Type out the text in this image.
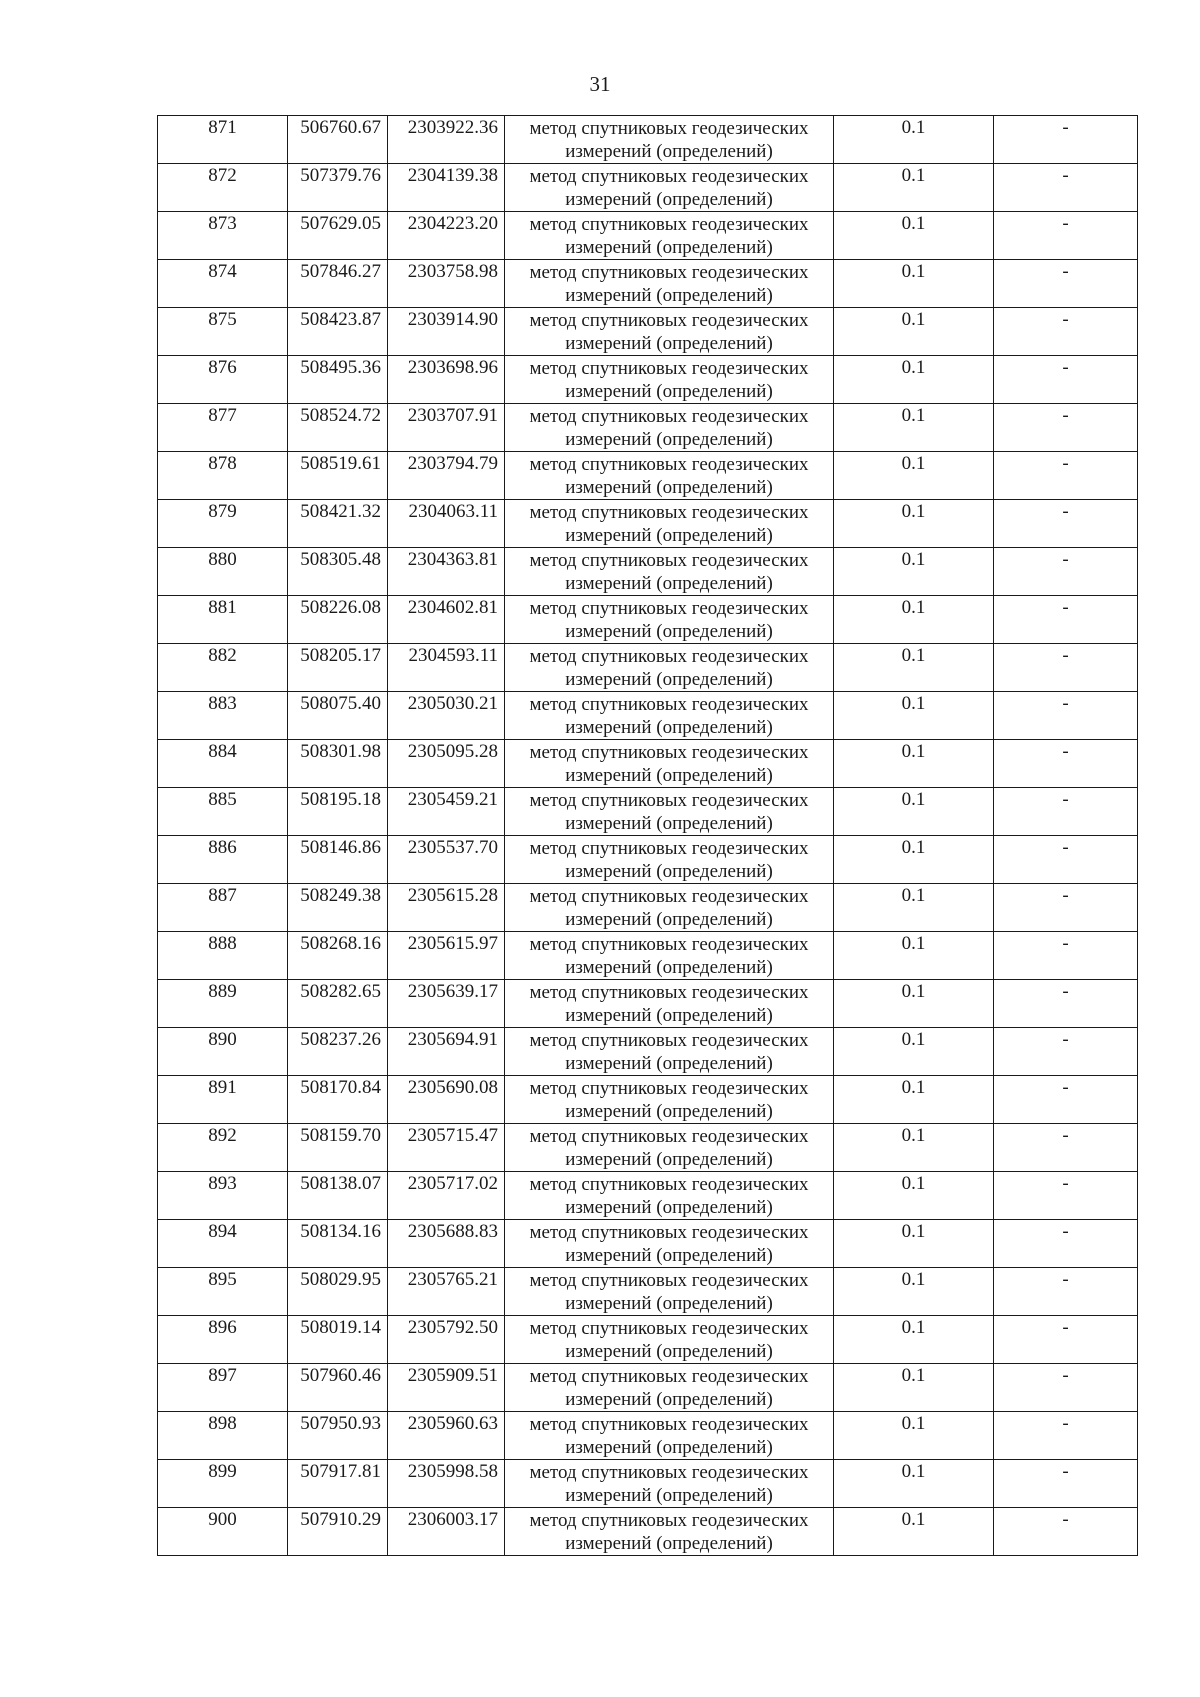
31
871	506760.67	2303922.36	метод спутниковых геодезических
измерений (определений)	0.1	-
872	507379.76	2304139.38	метод спутниковых геодезических
измерений (определений)	0.1	-
873	507629.05	2304223.20	метод спутниковых геодезических
измерений (определений)	0.1	-
874	507846.27	2303758.98	метод спутниковых геодезических
измерений (определений)	0.1	-
875	508423.87	2303914.90	метод спутниковых геодезических
измерений (определений)	0.1	-
876	508495.36	2303698.96	метод спутниковых геодезических
измерений (определений)	0.1	-
877	508524.72	2303707.91	метод спутниковых геодезических
измерений (определений)	0.1	-
878	508519.61	2303794.79	метод спутниковых геодезических
измерений (определений)	0.1	-
879	508421.32	2304063.11	метод спутниковых геодезических
измерений (определений)	0.1	-
880	508305.48	2304363.81	метод спутниковых геодезических
измерений (определений)	0.1	-
881	508226.08	2304602.81	метод спутниковых геодезических
измерений (определений)	0.1	-
882	508205.17	2304593.11	метод спутниковых геодезических
измерений (определений)	0.1	-
883	508075.40	2305030.21	метод спутниковых геодезических
измерений (определений)	0.1	-
884	508301.98	2305095.28	метод спутниковых геодезических
измерений (определений)	0.1	-
885	508195.18	2305459.21	метод спутниковых геодезических
измерений (определений)	0.1	-
886	508146.86	2305537.70	метод спутниковых геодезических
измерений (определений)	0.1	-
887	508249.38	2305615.28	метод спутниковых геодезических
измерений (определений)	0.1	-
888	508268.16	2305615.97	метод спутниковых геодезических
измерений (определений)	0.1	-
889	508282.65	2305639.17	метод спутниковых геодезических
измерений (определений)	0.1	-
890	508237.26	2305694.91	метод спутниковых геодезических
измерений (определений)	0.1	-
891	508170.84	2305690.08	метод спутниковых геодезических
измерений (определений)	0.1	-
892	508159.70	2305715.47	метод спутниковых геодезических
измерений (определений)	0.1	-
893	508138.07	2305717.02	метод спутниковых геодезических
измерений (определений)	0.1	-
894	508134.16	2305688.83	метод спутниковых геодезических
измерений (определений)	0.1	-
895	508029.95	2305765.21	метод спутниковых геодезических
измерений (определений)	0.1	-
896	508019.14	2305792.50	метод спутниковых геодезических
измерений (определений)	0.1	-
897	507960.46	2305909.51	метод спутниковых геодезических
измерений (определений)	0.1	-
898	507950.93	2305960.63	метод спутниковых геодезических
измерений (определений)	0.1	-
899	507917.81	2305998.58	метод спутниковых геодезических
измерений (определений)	0.1	-
900	507910.29	2306003.17	метод спутниковых геодезических
измерений (определений)	0.1	-
